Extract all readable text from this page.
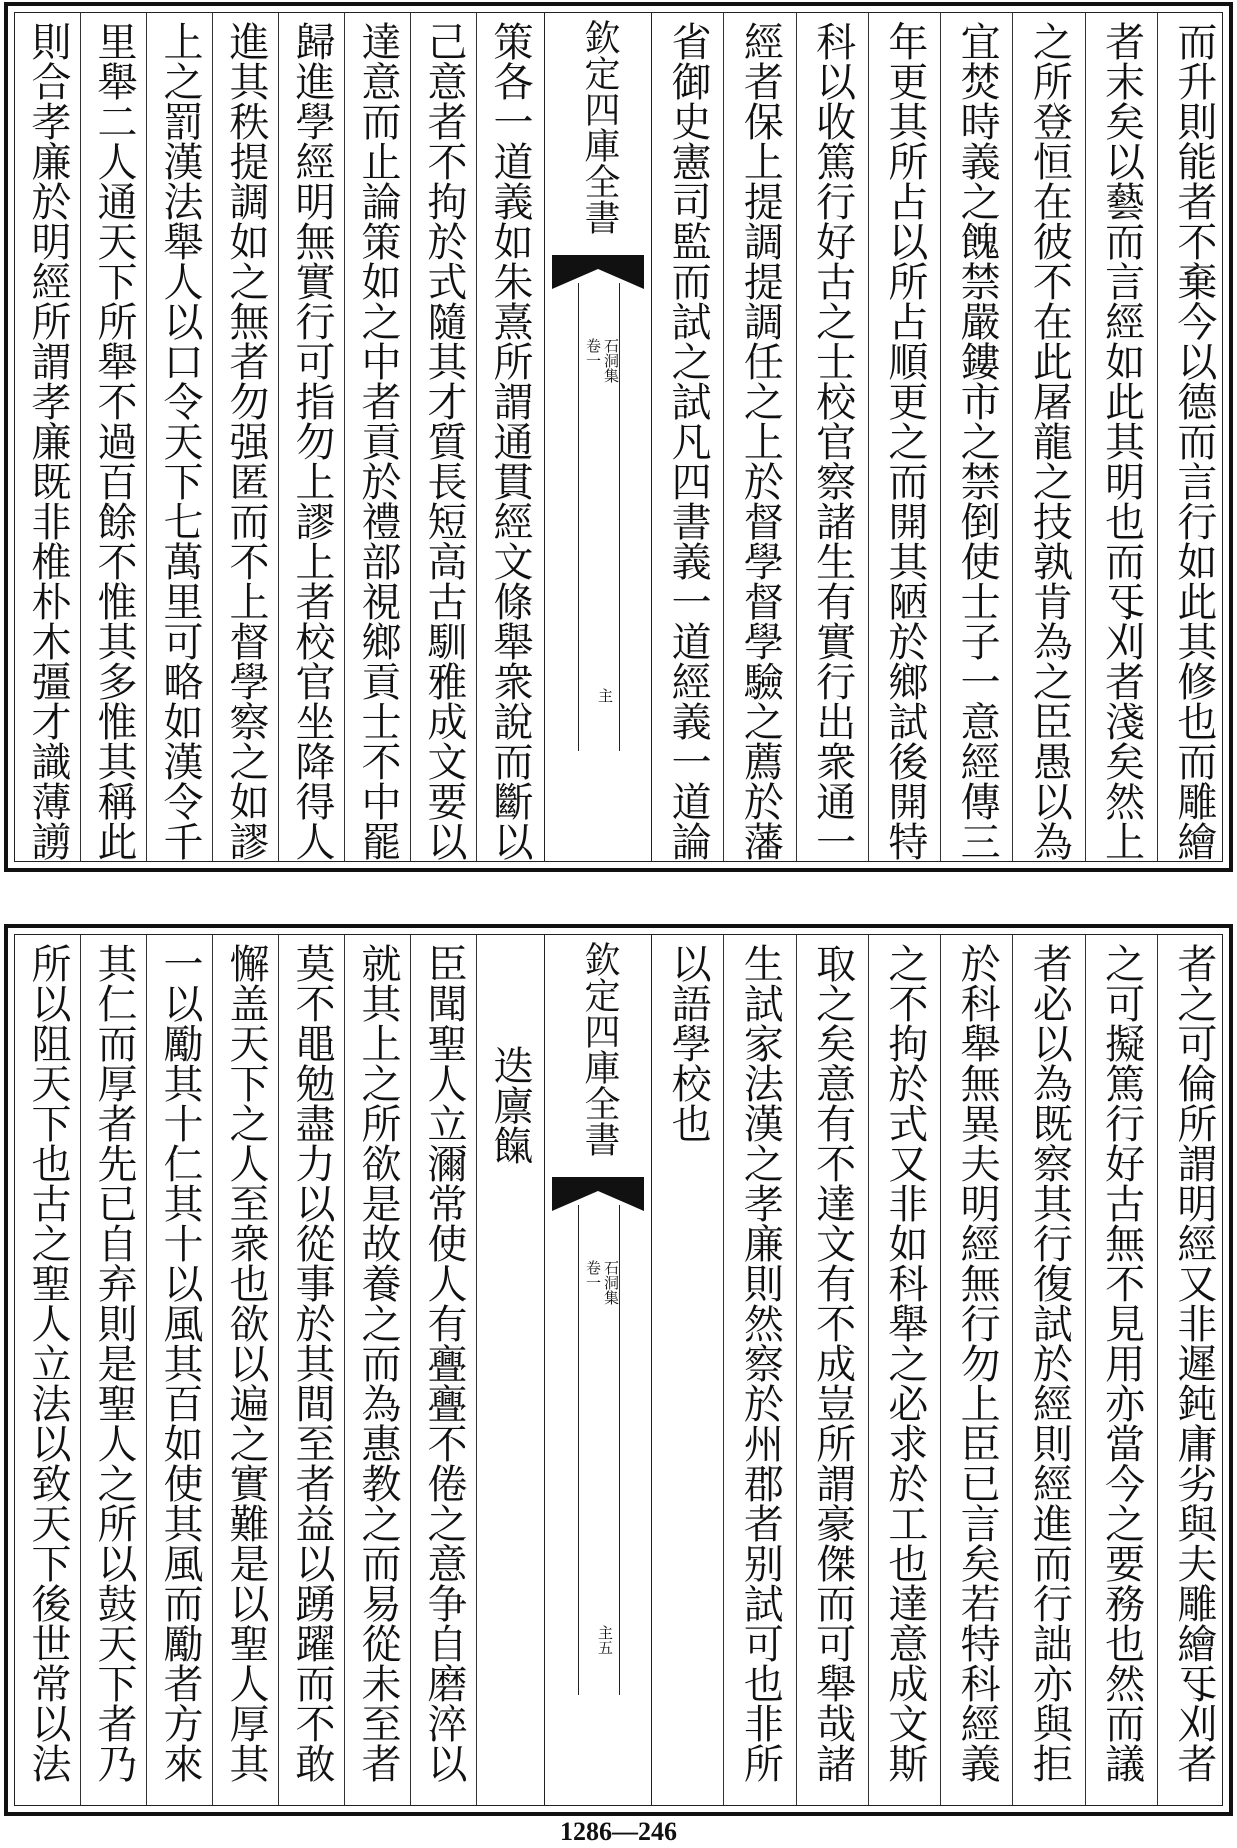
而升則能者不棄今以德而言行如此其修也而雕繪
者末矣以藝而言經如此其明也而㸦刈者淺矣然上
之所登恒在彼不在此屠龍之技孰肯為之臣愚以為
宜焚時義之餽禁嚴鏤市之禁倒使士子一意經傳三
年更其所占以所占順更之而開其陋於鄉試後開特
科以收篤行好古之士校官察諸生有實行出衆通一
經者保上提調提調任之上於督學督學驗之薦於藩
省御史憲司監而試之試凡四書義一道經義一道論
欽定四庫全書
石洞集
卷一
主
策各一道義如朱熹所謂通貫經文條舉衆說而斷以
己意者不拘於式隨其才質長短高古馴雅成文要以
達意而止論策如之中者貢於禮部視鄉貢士不中罷
歸進學經明無實行可指勿上謬上者校官坐降得人
進其秩提調如之無者勿强匿而不上督學察之如謬
上之罰漢法舉人以口令天下七萬里可略如漢令千
里舉二人通天下所舉不過百餘不惟其多惟其稱此
則合孝廉於明經所謂孝廉既非椎朴木彊才識薄謭
者之可倫所謂明經又非遲鈍庸劣與夫雕繪㸦刈者
之可擬篤行好古無不見用亦當今之要務也然而議
者必以為既察其行復試於經則經進而行詘亦與拒
於科舉無異夫明經無行勿上臣已言矣若特科經義
之不拘於式又非如科舉之必求於工也達意成文斯
取之矣意有不達文有不成豈所謂豪傑而可舉哉諸
生試家法漢之孝廉則然察於州郡者别試可也非所
以語學校也
欽定四庫全書
石洞集
卷一
主五
迭廪餼
臣聞聖人立濔常使人有亹亹不倦之意争自磨淬以
就其上之所欲是故養之而為惠教之而易從未至者
莫不黽勉盡力以從事於其間至者益以踴躍而不敢
懈盖天下之人至衆也欲以遍之實難是以聖人厚其
一以勵其十仁其十以風其百如使其風而勵者方來
其仁而厚者先已自弃則是聖人之所以鼓天下者乃
所以阻天下也古之聖人立法以致天下後世常以法
1286—246
